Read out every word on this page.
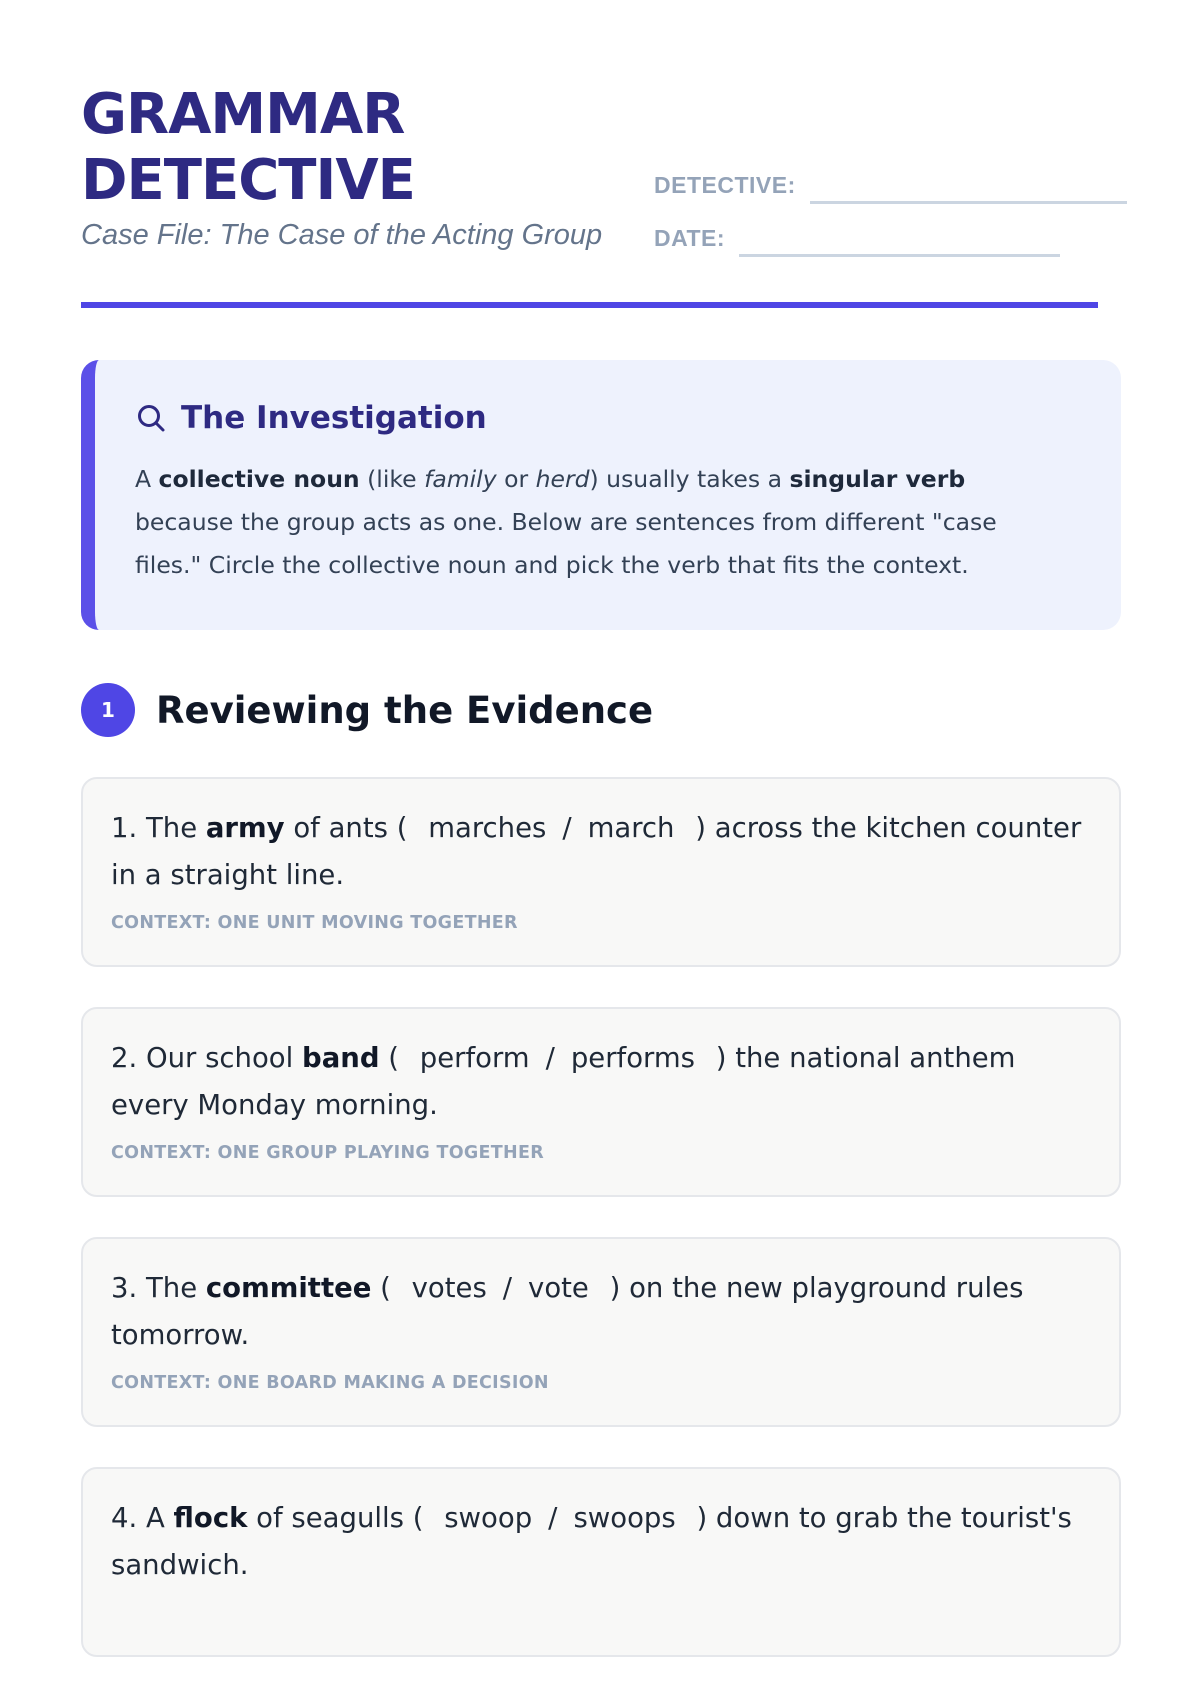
GRAMMAR
DETECTIVE
Case File: The Case of the Acting Group
DETECTIVE:
DATE:
The Investigation
A collective noun (like family or herd) usually takes a singular verb because the group acts as one. Below are sentences from different "case files." Circle the collective noun and pick the verb that fits the context.
1	Reviewing the Evidence
1. The army of ants ( marches / march ) across the kitchen counter in a straight line.
CONTEXT: ONE UNIT MOVING TOGETHER
2. Our school band ( perform / performs ) the national anthem every Monday morning.
CONTEXT: ONE GROUP PLAYING TOGETHER
3. The committee ( votes / vote ) on the new playground rules tomorrow.
CONTEXT: ONE BOARD MAKING A DECISION
4. A flock of seagulls ( swoop / swoops ) down to grab the tourist's sandwich.
